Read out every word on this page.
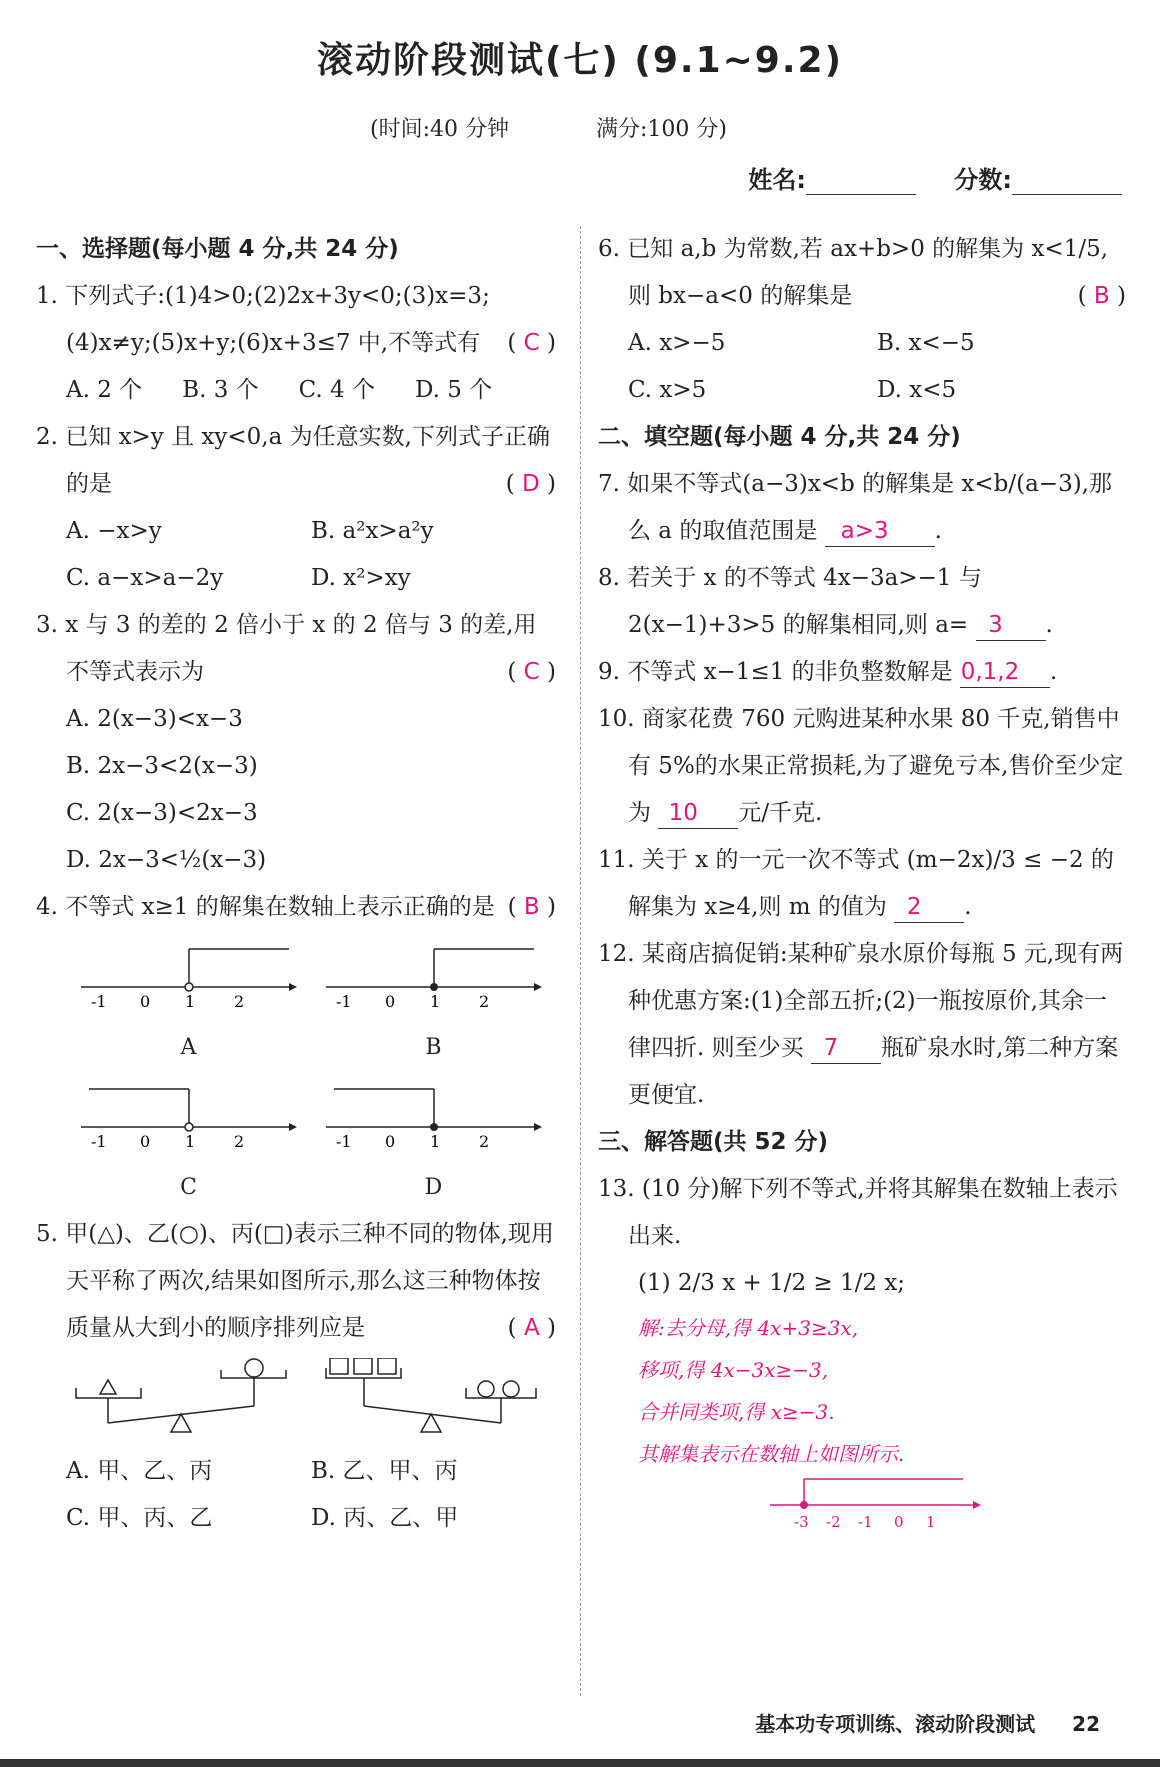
滚动阶段测试(七) (9.1~9.2)
(时间:40 分钟	满分:100 分)
姓名:	分数:
一、选择题(每小题 4 分,共 24 分)
1. 下列式子:(1)4>0;(2)2x+3y<0;(3)x=3;(4)x≠y;(5)x+y;(6)x+3≤7 中,不等式有 ( C )
A. 2 个 B. 3 个 C. 4 个 D. 5 个
2. 已知 x>y 且 xy<0,a 为任意实数,下列式子正确的是	( D )
A. −x>y	B. a²x>a²y
C. a−x>a−2y	D. x²>xy
3. x 与 3 的差的 2 倍小于 x 的 2 倍与 3 的差,用不等式表示为	( C )
A. 2(x−3)<x−3
B. 2x−3<2(x−3)
C. 2(x−3)<2x−3
D. 2x−3<½(x−3)
4. 不等式 x≥1 的解集在数轴上表示正确的是 ( B )
-1 0 1 2
A
-1 0 1 2
B
-1 0 1 2
C
-1 0 1 2
D
5. 甲(△)、乙(○)、丙(□)表示三种不同的物体,现用天平称了两次,结果如图所示,那么这三种物体按质量从大到小的顺序排列应是	( A )
A. 甲、乙、丙	B. 乙、甲、丙
C. 甲、丙、乙	D. 丙、乙、甲
6. 已知 a,b 为常数,若 ax+b>0 的解集为 x<1/5,则 bx−a<0 的解集是	( B )
A. x>−5	B. x<−5
C. x>5	D. x<5
二、填空题(每小题 4 分,共 24 分)
7. 如果不等式(a−3)x<b 的解集是 x<b/(a−3),那么 a 的取值范围是 a>3 .
8. 若关于 x 的不等式 4x−3a>−1 与 2(x−1)+3>5 的解集相同,则 a= 3 .
9. 不等式 x−1≤1 的非负整数解是 0,1,2 .
10. 商家花费 760 元购进某种水果 80 千克,销售中有 5%的水果正常损耗,为了避免亏本,售价至少定为 10 元/千克.
11. 关于 x 的一元一次不等式 (m−2x)/3 ≤ −2 的解集为 x≥4,则 m 的值为 2 .
12. 某商店搞促销:某种矿泉水原价每瓶 5 元,现有两种优惠方案:(1)全部五折;(2)一瓶按原价,其余一律四折. 则至少买 7 瓶矿泉水时,第二种方案更便宜.
三、解答题(共 52 分)
13. (10 分)解下列不等式,并将其解集在数轴上表示出来.
(1) 2/3 x + 1/2 ≥ 1/2 x;
解:去分母,得 4x+3≥3x,
移项,得 4x−3x≥−3,
合并同类项,得 x≥−3.
其解集表示在数轴上如图所示.
-3 -2 -1 0 1
基本功专项训练、滚动阶段测试 22
